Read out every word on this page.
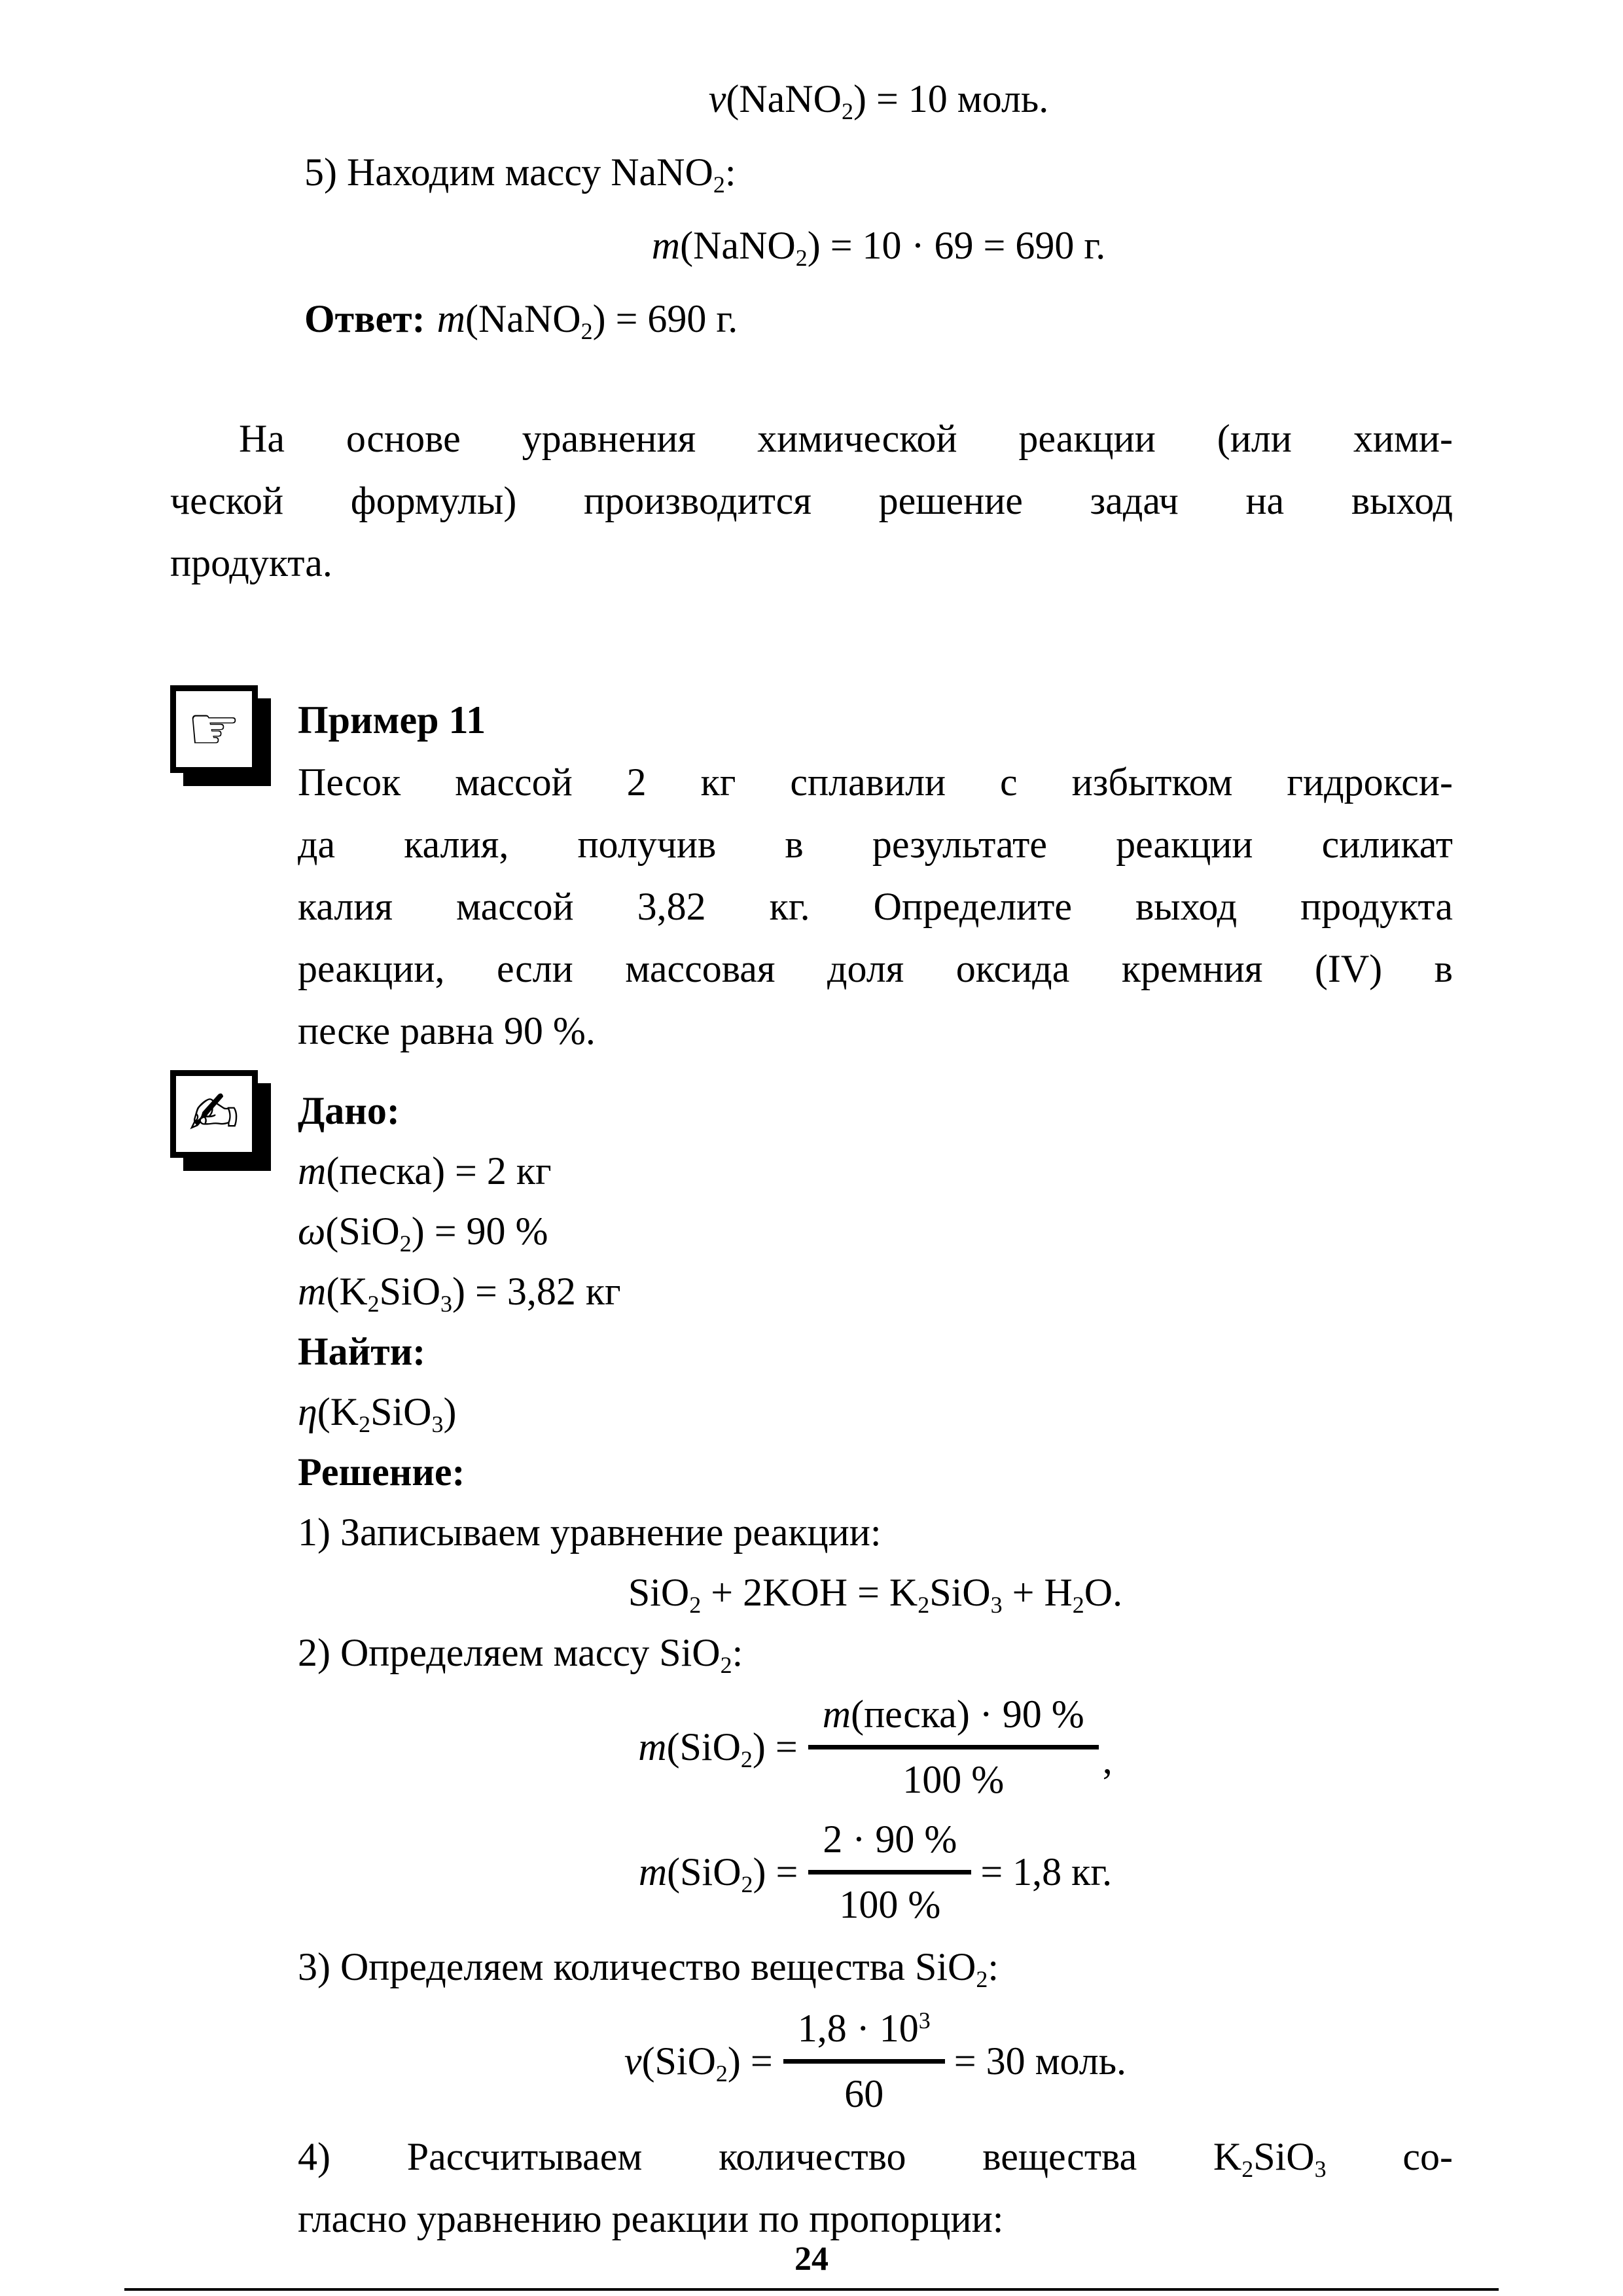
ν(NaNO$_2$) = 10 моль.
5) Находим массу NaNO$_2$:
m(NaNO$_2$) = 10 · 69 = 690 г.
Ответ: m(NaNO$_2$) = 690 г.
На основе уравнения химической реакции (или хими-
ческой формулы) производится решение задач на выход
продукта.
☞ Пример 11
Песок массой 2 кг сплавили с избытком гидрокси-
да калия, получив в результате реакции силикат
калия массой 3,82 кг. Определите выход продукта
реакции, если массовая доля оксида кремния (IV) в
песке равна 90 %.
✍ Дано:
m(песка) = 2 кг
ω(SiO$_2$) = 90 %
$m(K_2SiO_3) = 3,82$ кг
Найти:
$\eta(K_2SiO_3)$
Решение:
1) Записываем уравнение реакции:
$SiO_2 + 2KOH = K_2SiO_3 + H_2O$.
2) Определяем массу SiO$_2$:
$m(SiO_2) = \frac{\text{m(песка) · 90 \%}}{100 \%}$ ,
$m(SiO_2) = \frac{2 \cdot 90 \%}{100 \%} = 1,8$ кг.
3) Определяем количество вещества SiO$_2$:
$\nu(SiO_2) = \frac{1,8 \cdot 10^3}{60} = 30$ моль.
4) Рассчитываем количество вещества $K_2SiO_3$ со-
гласно уравнению реакции по пропорции:
24
